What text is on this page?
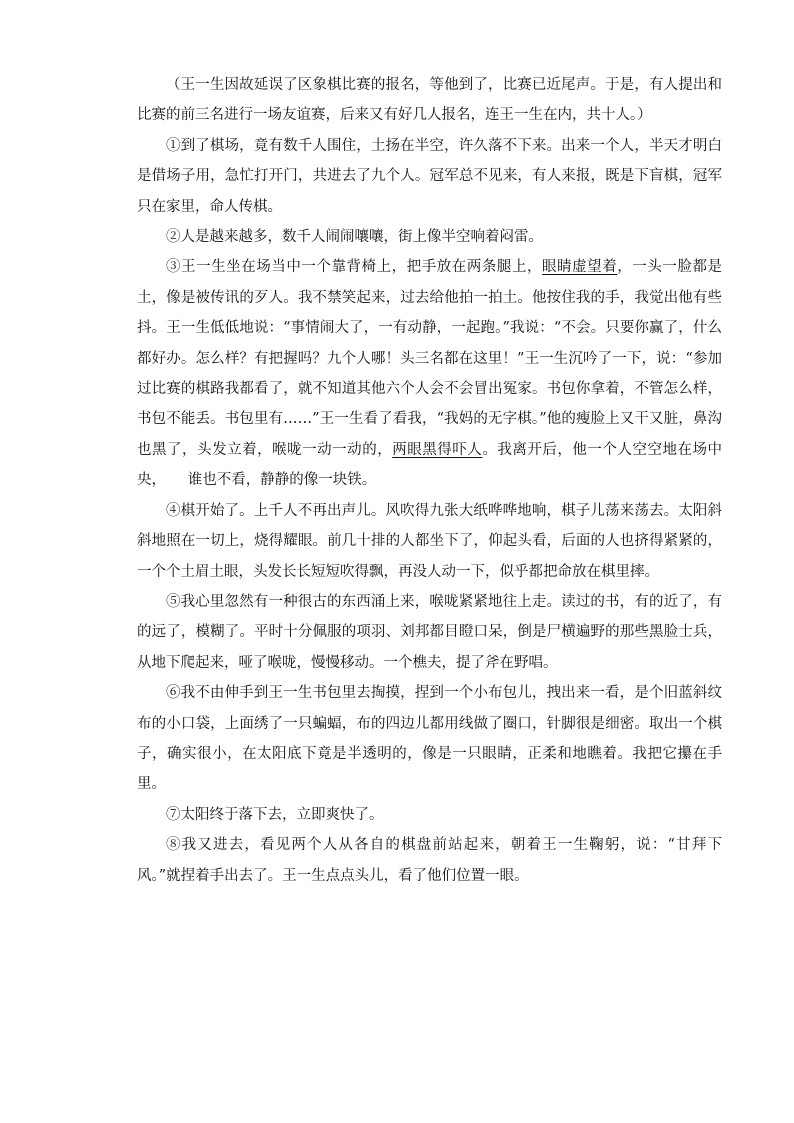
（王一生因故延误了区象棋比赛的报名，等他到了，比赛已近尾声。于是，有人提出和比赛的前三名进行一场友谊赛，后来又有好几人报名，连王一生在内，共十人。）

①到了棋场，竟有数千人围住，土扬在半空，许久落不下来。出来一个人，半天才明白是借场子用，急忙打开门，共进去了九个人。冠军总不见来，有人来报，既是下盲棋，冠军　 只在家里，命人传棋。

②人是越来越多，数千人闹闹嚷嚷，街上像半空响着闷雷。

③王一生坐在场当中一个靠背椅上，把手放在两条腿上，眼睛虚望着，一头一脸都是土，像是被传讯的歹人。我不禁笑起来，过去给他拍一拍土。他按住我的手，我觉出他有些抖。王一生低低地说：“事情闹大了，一有动静，一起跑。”我说：“不会。只要你赢了，什么都好办。怎么样？有把握吗？九个人哪！头三名都在这里！”王一生沉吟了一下，说：“参加过比赛的棋路我都看了，就不知道其他六个人会不会冒出冤家。书包你拿着，不管怎么样，书包不能丢。书包里有……”王一生看了看我，“我妈的无字棋。”他的瘦脸上又干又脏，鼻沟也黑了，头发立着，喉咙一动一动的，两眼黑得吓人。我离开后，他一个人空空地在场中央，　　谁也不看，静静的像一块铁。

④棋开始了。上千人不再出声儿。风吹得九张大纸哗哗地响，棋子儿荡来荡去。太阳斜斜地照在一切上，烧得耀眼。前几十排的人都坐下了，仰起头看，后面的人也挤得紧紧的，一个个土眉土眼，头发长长短短吹得飘，再没人动一下，似乎都把命放在棋里摔。

⑤我心里忽然有一种很古的东西涌上来，喉咙紧紧地往上走。读过的书，有的近了，有的远了，模糊了。平时十分佩服的项羽、刘邦都目瞪口呆，倒是尸横遍野的那些黑脸士兵，从地下爬起来，哑了喉咙，慢慢移动。一个樵夫，提了斧在野唱。

⑥我不由伸手到王一生书包里去掏摸，捏到一个小布包儿，拽出来一看，是个旧蓝斜纹布的小口袋，上面绣了一只蝙蝠，布的四边儿都用线做了圈口，针脚很是细密。取出一个棋子，确实很小，在太阳底下竟是半透明的，像是一只眼睛，正柔和地瞧着。我把它攥在手里。

⑦太阳终于落下去，立即爽快了。

⑧我又进去，看见两个人从各自的棋盘前站起来，朝着王一生鞠躬，说：“甘拜下风。”就捏着手出去了。王一生点点头儿，看了他们位置一眼。
